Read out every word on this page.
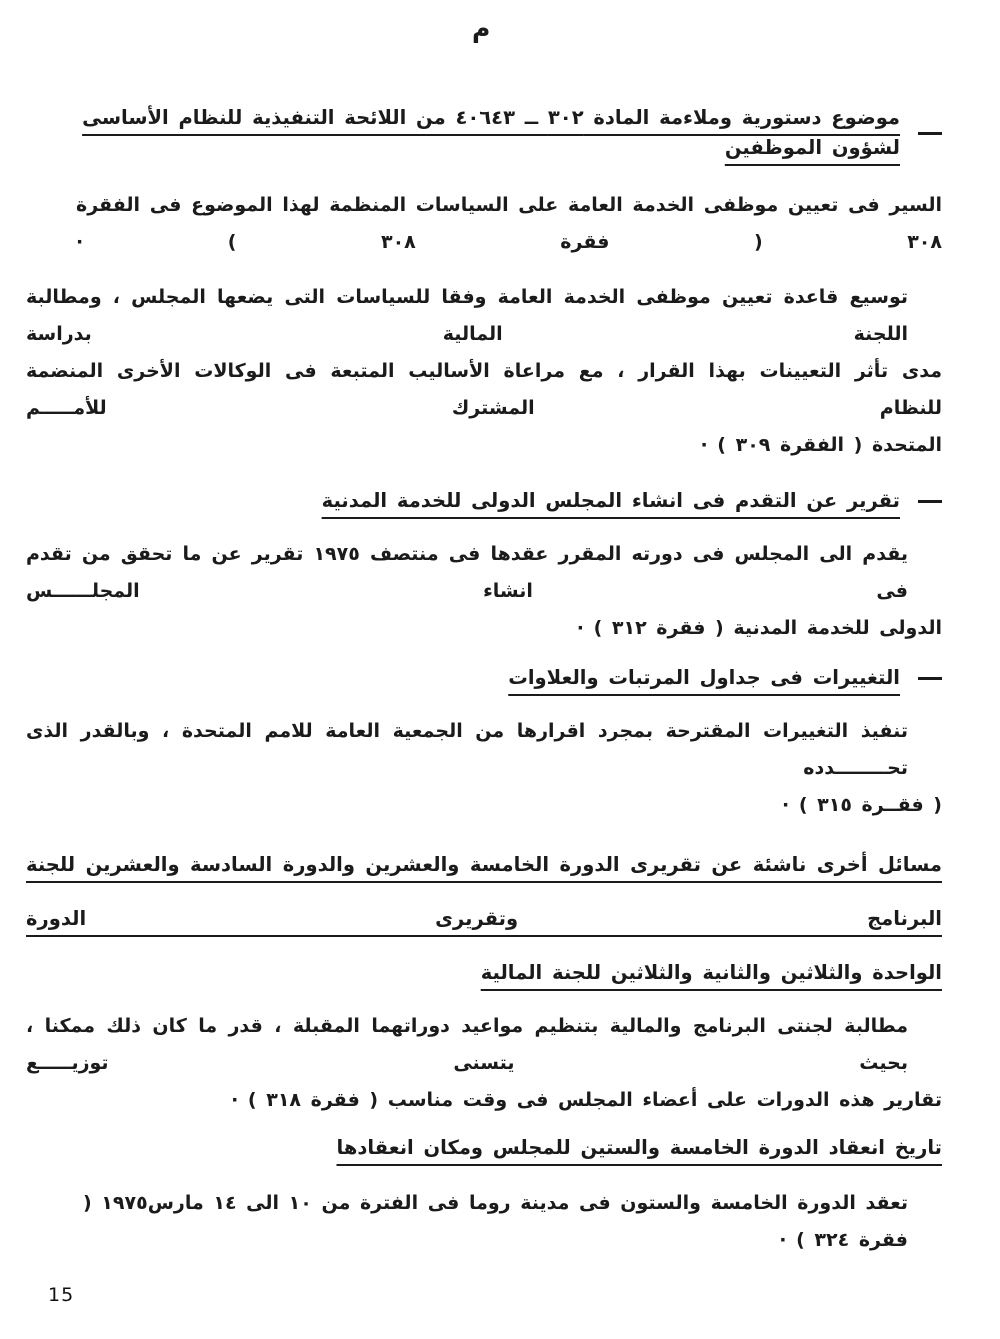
م
موضوع دستورية وملاءمة المادة ٣٠٢ ــ ٤٠٦٤٣ من اللائحة التنفيذية للنظام الأساسى لشؤون الموظفين
السير فى تعيين موظفى الخدمة العامة على السياسات المنظمة لهذا الموضوع فى الفقرة ٣٠٨ ( فقرة ٣٠٨ ) ·
توسيع قاعدة تعيين موظفى الخدمة العامة وفقا للسياسات التى يضعها المجلس ، ومطالبة اللجنة المالية بدراسة
مدى تأثر التعيينات بهذا القرار ، مع مراعاة الأساليب المتبعة فى الوكالات الأخرى المنضمة للنظام المشترك للأمـــــم
المتحدة ( الفقرة ٣٠٩ ) ·
تقرير عن التقدم فى انشاء المجلس الدولى للخدمة المدنية
يقدم الى المجلس فى دورته المقرر عقدها فى منتصف ١٩٧٥ تقرير عن ما تحقق من تقدم فى انشاء المجلــــــس
الدولى للخدمة المدنية ( فقرة ٣١٢ ) ·
التغييرات فى جداول المرتبات والعلاوات
تنفيذ التغييرات المقترحة بمجرد اقرارها من الجمعية العامة للامم المتحدة ، وبالقدر الذى تحــــــــدده
( فقــرة ٣١٥ ) ·
مسائل أخرى ناشئة عن تقريرى الدورة الخامسة والعشرين والدورة السادسة والعشرين للجنة البرنامج وتقريرى الدورة
الواحدة والثلاثين والثانية والثلاثين للجنة المالية
مطالبة لجنتى البرنامج والمالية بتنظيم مواعيد دوراتهما المقبلة ، قدر ما كان ذلك ممكنا ، بحيث يتسنى توزيـــــع
تقارير هذه الدورات على أعضاء المجلس فى وقت مناسب ( فقرة ٣١٨ ) ·
تاريخ انعقاد الدورة الخامسة والستين للمجلس ومكان انعقادها
تعقد الدورة الخامسة والستون فى مدينة روما فى الفترة من ١٠ الى ١٤ مارس١٩٧٥ ( فقرة ٣٢٤ ) ·
15
